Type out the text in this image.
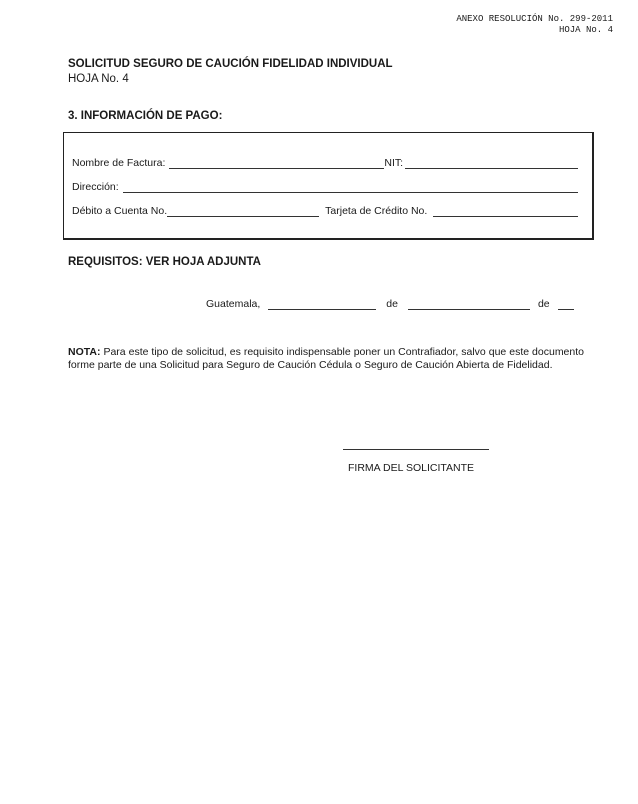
ANEXO RESOLUCIÓN No. 299-2011
HOJA No. 4
SOLICITUD SEGURO DE CAUCIÓN FIDELIDAD INDIVIDUAL
HOJA No. 4
3. INFORMACIÓN DE PAGO:
Nombre de Factura:	NIT:
Dirección:
Débito a Cuenta No.	Tarjeta de Crédito No.
REQUISITOS: VER HOJA ADJUNTA
Guatemala,	de	de
NOTA: Para este tipo de solicitud, es requisito indispensable poner un Contrafiador, salvo que este documento forme parte de una Solicitud para Seguro de Caución Cédula o Seguro de Caución Abierta de Fidelidad.
FIRMA DEL SOLICITANTE
